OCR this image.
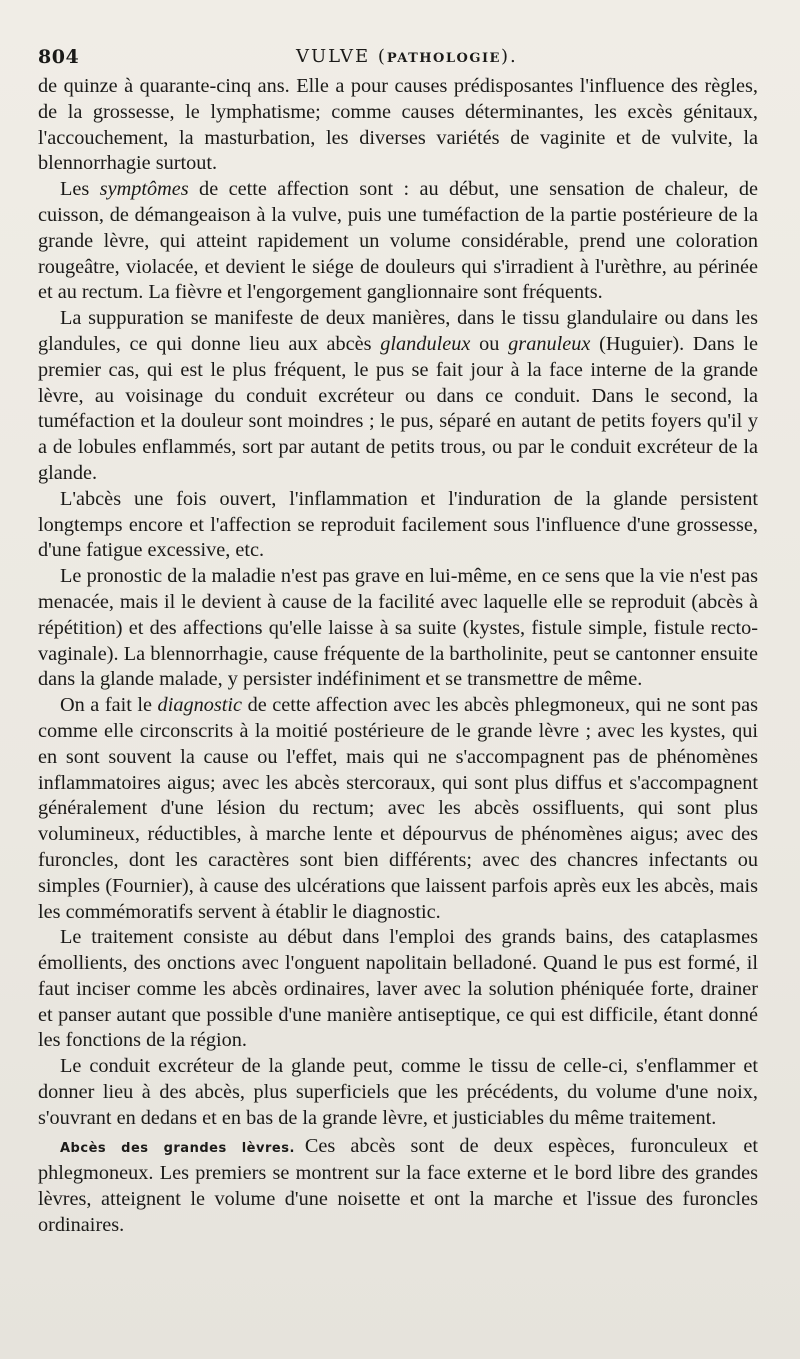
804	VULVE (PATHOLOGIE).

de quinze à quarante-cinq ans. Elle a pour causes prédisposantes l'influence des règles, de la grossesse, le lymphatisme; comme causes déterminantes, les excès génitaux, l'accouchement, la masturbation, les diverses variétés de vaginite et de vulvite, la blennorrhagie surtout.

Les symptômes de cette affection sont : au début, une sensation de chaleur, de cuisson, de démangeaison à la vulve, puis une tuméfaction de la partie postérieure de la grande lèvre, qui atteint rapidement un volume considérable, prend une coloration rougeâtre, violacée, et devient le siége de douleurs qui s'irradient à l'urèthre, au périnée et au rectum. La fièvre et l'engorgement ganglionnaire sont fréquents.

La suppuration se manifeste de deux manières, dans le tissu glandulaire ou dans les glandules, ce qui donne lieu aux abcès glanduleux ou granuleux (Huguier). Dans le premier cas, qui est le plus fréquent, le pus se fait jour à la face interne de la grande lèvre, au voisinage du conduit excréteur ou dans ce conduit. Dans le second, la tuméfaction et la douleur sont moindres ; le pus, séparé en autant de petits foyers qu'il y a de lobules enflammés, sort par autant de petits trous, ou par le conduit excréteur de la glande.

L'abcès une fois ouvert, l'inflammation et l'induration de la glande persistent longtemps encore et l'affection se reproduit facilement sous l'influence d'une grossesse, d'une fatigue excessive, etc.

Le pronostic de la maladie n'est pas grave en lui-même, en ce sens que la vie n'est pas menacée, mais il le devient à cause de la facilité avec laquelle elle se reproduit (abcès à répétition) et des affections qu'elle laisse à sa suite (kystes, fistule simple, fistule recto-vaginale). La blennorrhagie, cause fréquente de la bartholinite, peut se cantonner ensuite dans la glande malade, y persister indéfiniment et se transmettre de même.

On a fait le diagnostic de cette affection avec les abcès phlegmoneux, qui ne sont pas comme elle circonscrits à la moitié postérieure de le grande lèvre ; avec les kystes, qui en sont souvent la cause ou l'effet, mais qui ne s'accompagnent pas de phénomènes inflammatoires aigus; avec les abcès stercoraux, qui sont plus diffus et s'accompagnent généralement d'une lésion du rectum; avec les abcès ossifluents, qui sont plus volumineux, réductibles, à marche lente et dépourvus de phénomènes aigus; avec des furoncles, dont les caractères sont bien différents; avec des chancres infectants ou simples (Fournier), à cause des ulcérations que laissent parfois après eux les abcès, mais les commémoratifs servent à établir le diagnostic.

Le traitement consiste au début dans l'emploi des grands bains, des cataplasmes émollients, des onctions avec l'onguent napolitain belladoné. Quand le pus est formé, il faut inciser comme les abcès ordinaires, laver avec la solution phéniquée forte, drainer et panser autant que possible d'une manière antiseptique, ce qui est difficile, étant donné les fonctions de la région.

Le conduit excréteur de la glande peut, comme le tissu de celle-ci, s'enflammer et donner lieu à des abcès, plus superficiels que les précédents, du volume d'une noix, s'ouvrant en dedans et en bas de la grande lèvre, et justiciables du même traitement.

Abcès des grandes lèvres. Ces abcès sont de deux espèces, furonculeux et phlegmoneux. Les premiers se montrent sur la face externe et le bord libre des grandes lèvres, atteignent le volume d'une noisette et ont la marche et l'issue des furoncles ordinaires.
